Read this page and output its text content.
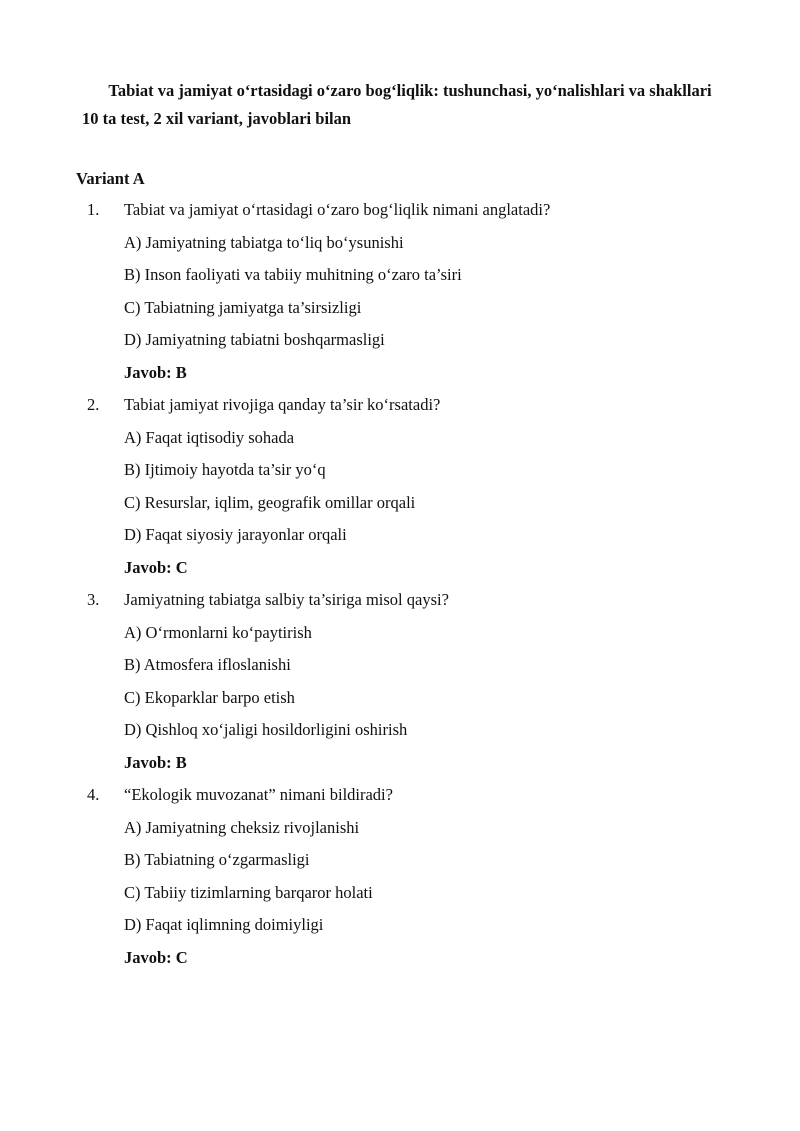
Tabiat va jamiyat o‘rtasidagi o‘zaro bog‘liqlik: tushunchasi, yo‘nalishlari va shakllari
10 ta test, 2 xil variant, javoblari bilan
Variant A
1. Tabiat va jamiyat o‘rtasidagi o‘zaro bog‘liqlik nimani anglatadi?
A) Jamiyatning tabiatga to‘liq bo‘ysunishi
B) Inson faoliyati va tabiiy muhitning o‘zaro ta’siri
C) Tabiatning jamiyatga ta’sirsizligi
D) Jamiyatning tabiatni boshqarmasligi
Javob: B
2. Tabiat jamiyat rivojiga qanday ta’sir ko‘rsatadi?
A) Faqat iqtisodiy sohada
B) Ijtimoiy hayotda ta’sir yo‘q
C) Resurslar, iqlim, geografik omillar orqali
D) Faqat siyosiy jarayonlar orqali
Javob: C
3. Jamiyatning tabiatga salbiy ta’siriga misol qaysi?
A) O‘rmonlarni ko‘paytirish
B) Atmosfera ifloslanishi
C) Ekoparklar barpo etish
D) Qishloq xo‘jaligi hosildorligini oshirish
Javob: B
4. “Ekologik muvozanat” nimani bildiradi?
A) Jamiyatning cheksiz rivojlanishi
B) Tabiatning o‘zgarmasligi
C) Tabiiy tizimlarning barqaror holati
D) Faqat iqlimning doimiyligi
Javob: C
